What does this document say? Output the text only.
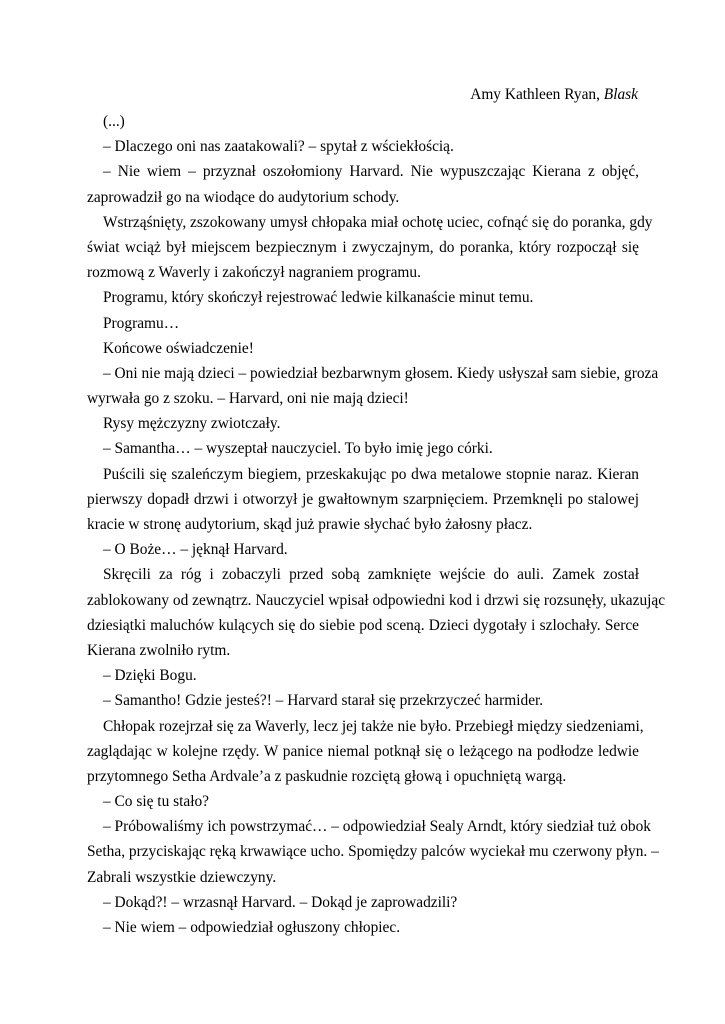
Amy Kathleen Ryan, Blask
(...)
– Dlaczego oni nas zaatakowali? – spytał z wściekłością.
– Nie wiem – przyznał oszołomiony Harvard. Nie wypuszczając Kierana z objęć,
zaprowadził go na wiodące do audytorium schody.
Wstrząśnięty, zszokowany umysł chłopaka miał ochotę uciec, cofnąć się do poranka, gdy
świat wciąż był miejscem bezpiecznym i zwyczajnym, do poranka, który rozpoczął się
rozmową z Waverly i zakończył nagraniem programu.
Programu, który skończył rejestrować ledwie kilkanaście minut temu.
Programu…
Końcowe oświadczenie!
– Oni nie mają dzieci – powiedział bezbarwnym głosem. Kiedy usłyszał sam siebie, groza
wyrwała go z szoku. – Harvard, oni nie mają dzieci!
Rysy mężczyzny zwiotczały.
– Samantha… – wyszeptał nauczyciel. To było imię jego córki.
Puścili się szaleńczym biegiem, przeskakując po dwa metalowe stopnie naraz. Kieran
pierwszy dopadł drzwi i otworzył je gwałtownym szarpnięciem. Przemknęli po stalowej
kracie w stronę audytorium, skąd już prawie słychać było żałosny płacz.
– O Boże… – jęknął Harvard.
Skręcili za róg i zobaczyli przed sobą zamknięte wejście do auli. Zamek został
zablokowany od zewnątrz. Nauczyciel wpisał odpowiedni kod i drzwi się rozsunęły, ukazując
dziesiątki maluchów kulących się do siebie pod sceną. Dzieci dygotały i szlochały. Serce
Kierana zwolniło rytm.
– Dzięki Bogu.
– Samantho! Gdzie jesteś?! – Harvard starał się przekrzyczeć harmider.
Chłopak rozejrzał się za Waverly, lecz jej także nie było. Przebiegł między siedzeniami,
zaglądając w kolejne rzędy. W panice niemal potknął się o leżącego na podłodze ledwie
przytomnego Setha Ardvale’a z paskudnie rozciętą głową i opuchniętą wargą.
– Co się tu stało?
– Próbowaliśmy ich powstrzymać… – odpowiedział Sealy Arndt, który siedział tuż obok
Setha, przyciskając ręką krwawiące ucho. Spomiędzy palców wyciekał mu czerwony płyn. –
Zabrali wszystkie dziewczyny.
– Dokąd?! – wrzasnął Harvard. – Dokąd je zaprowadzili?
– Nie wiem – odpowiedział ogłuszony chłopiec.
